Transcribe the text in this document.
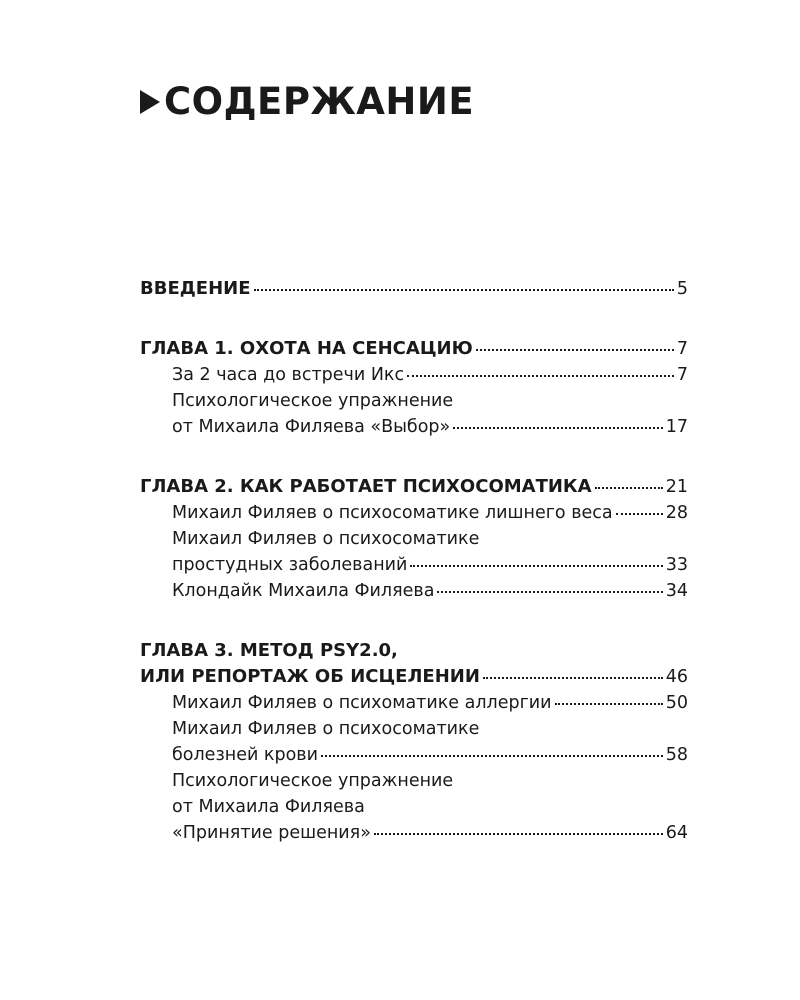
СОДЕРЖАНИЕ
ВВЕДЕНИЕ	5
ГЛАВА 1. ОХОТА НА СЕНСАЦИЮ	7
За 2 часа до встречи Икс	7
Психологическое упражнение
от Михаила Филяева «Выбор»	17
ГЛАВА 2. КАК РАБОТАЕТ ПСИХОСОМАТИКА	21
Михаил Филяев о психосоматике лишнего веса	28
Михаил Филяев о психосоматике
простудных заболеваний	33
Клондайк Михаила Филяева	34
ГЛАВА 3. МЕТОД PSY2.0,
ИЛИ РЕПОРТАЖ ОБ ИСЦЕЛЕНИИ	46
Михаил Филяев о психоматике аллергии	50
Михаил Филяев о психосоматике
болезней крови	58
Психологическое упражнение
от Михаила Филяева
«Принятие решения»	64
